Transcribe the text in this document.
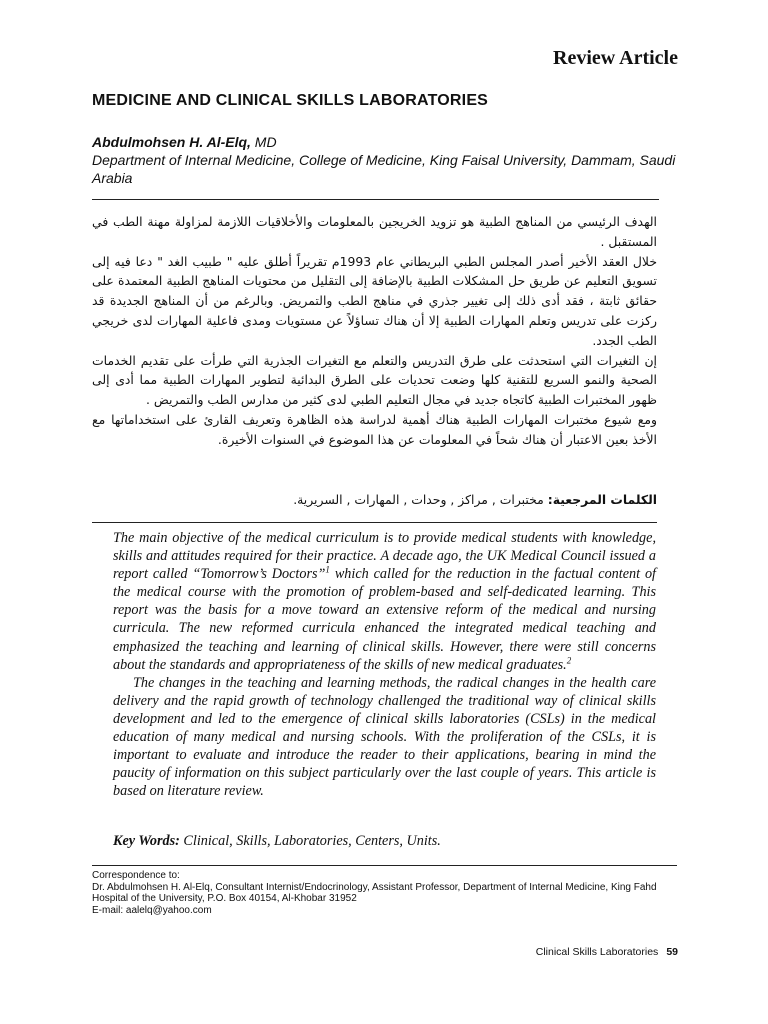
Review Article
MEDICINE AND CLINICAL SKILLS LABORATORIES
Abdulmohsen H. Al-Elq, MD
Department of Internal Medicine, College of Medicine, King Faisal University, Dammam, Saudi Arabia

الهدف الرئيسي من المناهج الطبية هو تزويد الخريجين بالمعلومات والأخلاقيات اللازمة لمزاولة مهنة الطب في المستقبل .

خلال العقد الأخير أصدر المجلس الطبي البريطاني عام 1993م تقريراً أطلق عليه " طبيب الغد " دعا فيه إلى تسويق التعليم عن طريق حل المشكلات الطبية بالإضافة إلى التقليل من محتويات المناهج الطبية المعتمدة على حقائق ثابتة ، فقد أدى ذلك إلى تغيير جذري في مناهج الطب والتمريض. وبالرغم من أن المناهج الجديدة قد ركزت على تدريس وتعلم المهارات الطبية إلا أن هناك تساؤلاً عن مستويات ومدى فاعلية المهارات لدى خريجي الطب الجدد.

إن التغيرات التي استحدثت على طرق التدريس والتعلم مع التغيرات الجذرية التي طرأت على تقديم الخدمات الصحية والنمو السريع للتقنية كلها وضعت تحديات على الطرق البدائية لتطوير المهارات الطبية مما أدى إلى ظهور المختبرات الطبية كاتجاه جديد في مجال التعليم الطبي لدى كثير من مدارس الطب والتمريض .

ومع شيوع مختبرات المهارات الطبية هناك أهمية لدراسة هذه الظاهرة وتعريف القارئ على استخداماتها مع الأخذ بعين الاعتبار أن هناك شحاً في المعلومات عن هذا الموضوع في السنوات الأخيرة.

الكلمات المرجعية: مختبرات , مراكز , وحدات , المهارات , السريرية.

The main objective of the medical curriculum is to provide medical students with knowledge, skills and attitudes required for their practice. A decade ago, the UK Medical Council issued a report called “Tomorrow’s Doctors”$^1$ which called for the reduction in the factual content of the medical course with the promotion of problem-based and self-dedicated learning. This report was the basis for a move toward an extensive reform of the medical and nursing curricula. The new reformed curricula enhanced the integrated medical teaching and emphasized the teaching and learning of clinical skills. However, there were still concerns about the standards and appropriateness of the skills of new medical graduates.$^2$

The changes in the teaching and learning methods, the radical changes in the health care delivery and the rapid growth of technology challenged the traditional way of clinical skills development and led to the emergence of clinical skills laboratories (CSLs) in the medical education of many medical and nursing schools. With the proliferation of the CSLs, it is important to evaluate and introduce the reader to their applications, bearing in mind the paucity of information on this subject particularly over the last couple of years. This article is based on literature review.

Key Words: Clinical, Skills, Laboratories, Centers, Units.
Correspondence to:
Dr. Abdulmohsen H. Al-Elq, Consultant Internist/Endocrinology, Assistant Professor, Department of Internal Medicine, King Fahd Hospital of the University, P.O. Box 40154, Al-Khobar 31952
E-mail: aalelq@yahoo.com
Clinical Skills Laboratories 59
